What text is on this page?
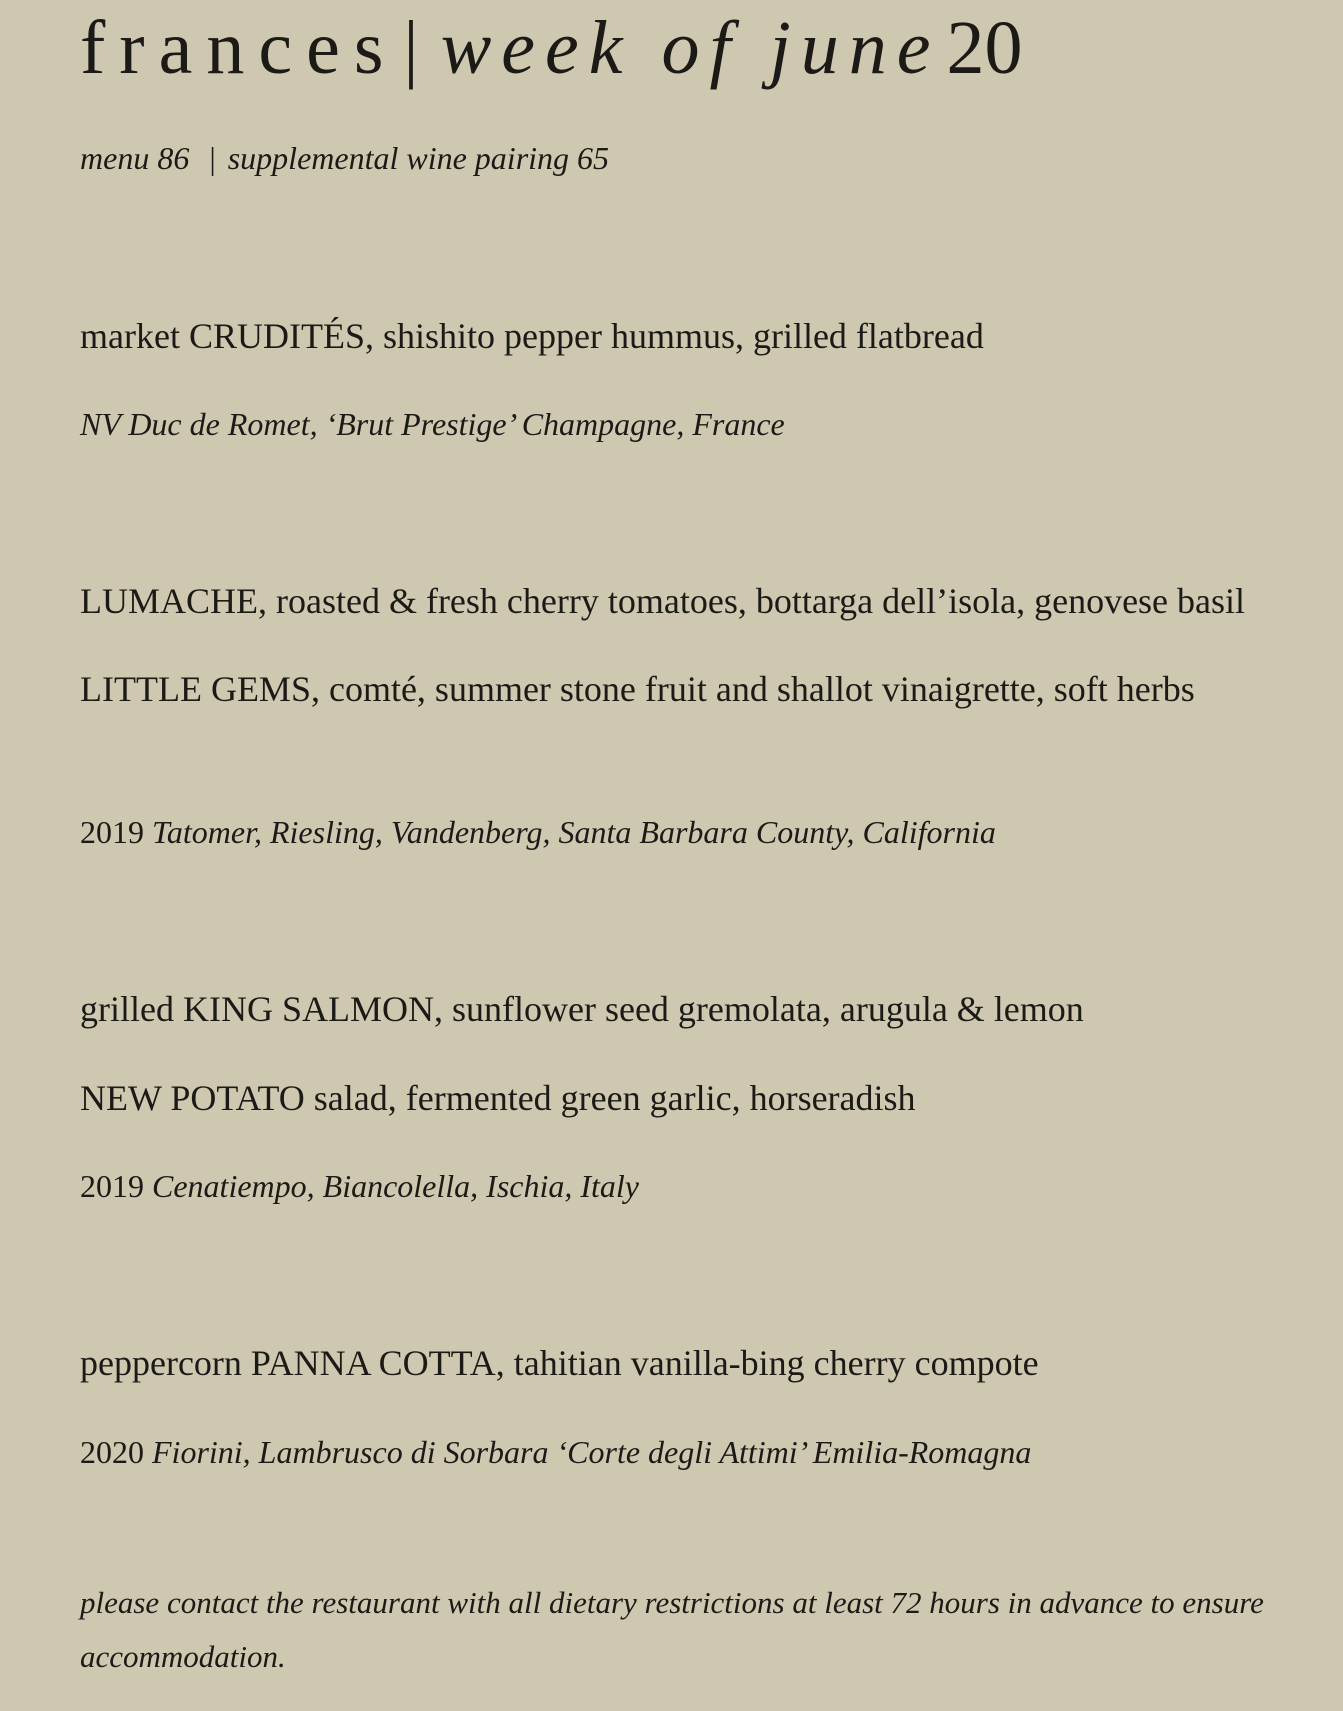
frances| week of june20
menu 86 | supplemental wine pairing 65
market CRUDITÉS, shishito pepper hummus, grilled flatbread
NV Duc de Romet, ‘Brut Prestige’ Champagne, France
LUMACHE, roasted & fresh cherry tomatoes, bottarga dell’isola, genovese basil
LITTLE GEMS, comté, summer stone fruit and shallot vinaigrette, soft herbs
2019 Tatomer, Riesling, Vandenberg, Santa Barbara County, California
grilled KING SALMON, sunflower seed gremolata, arugula & lemon
NEW POTATO salad, fermented green garlic, horseradish
2019 Cenatiempo, Biancolella, Ischia, Italy
peppercorn PANNA COTTA, tahitian vanilla-bing cherry compote
2020 Fiorini, Lambrusco di Sorbara ‘Corte degli Attimi’ Emilia-Romagna
please contact the restaurant with all dietary restrictions at least 72 hours in advance to ensure accommodation.
